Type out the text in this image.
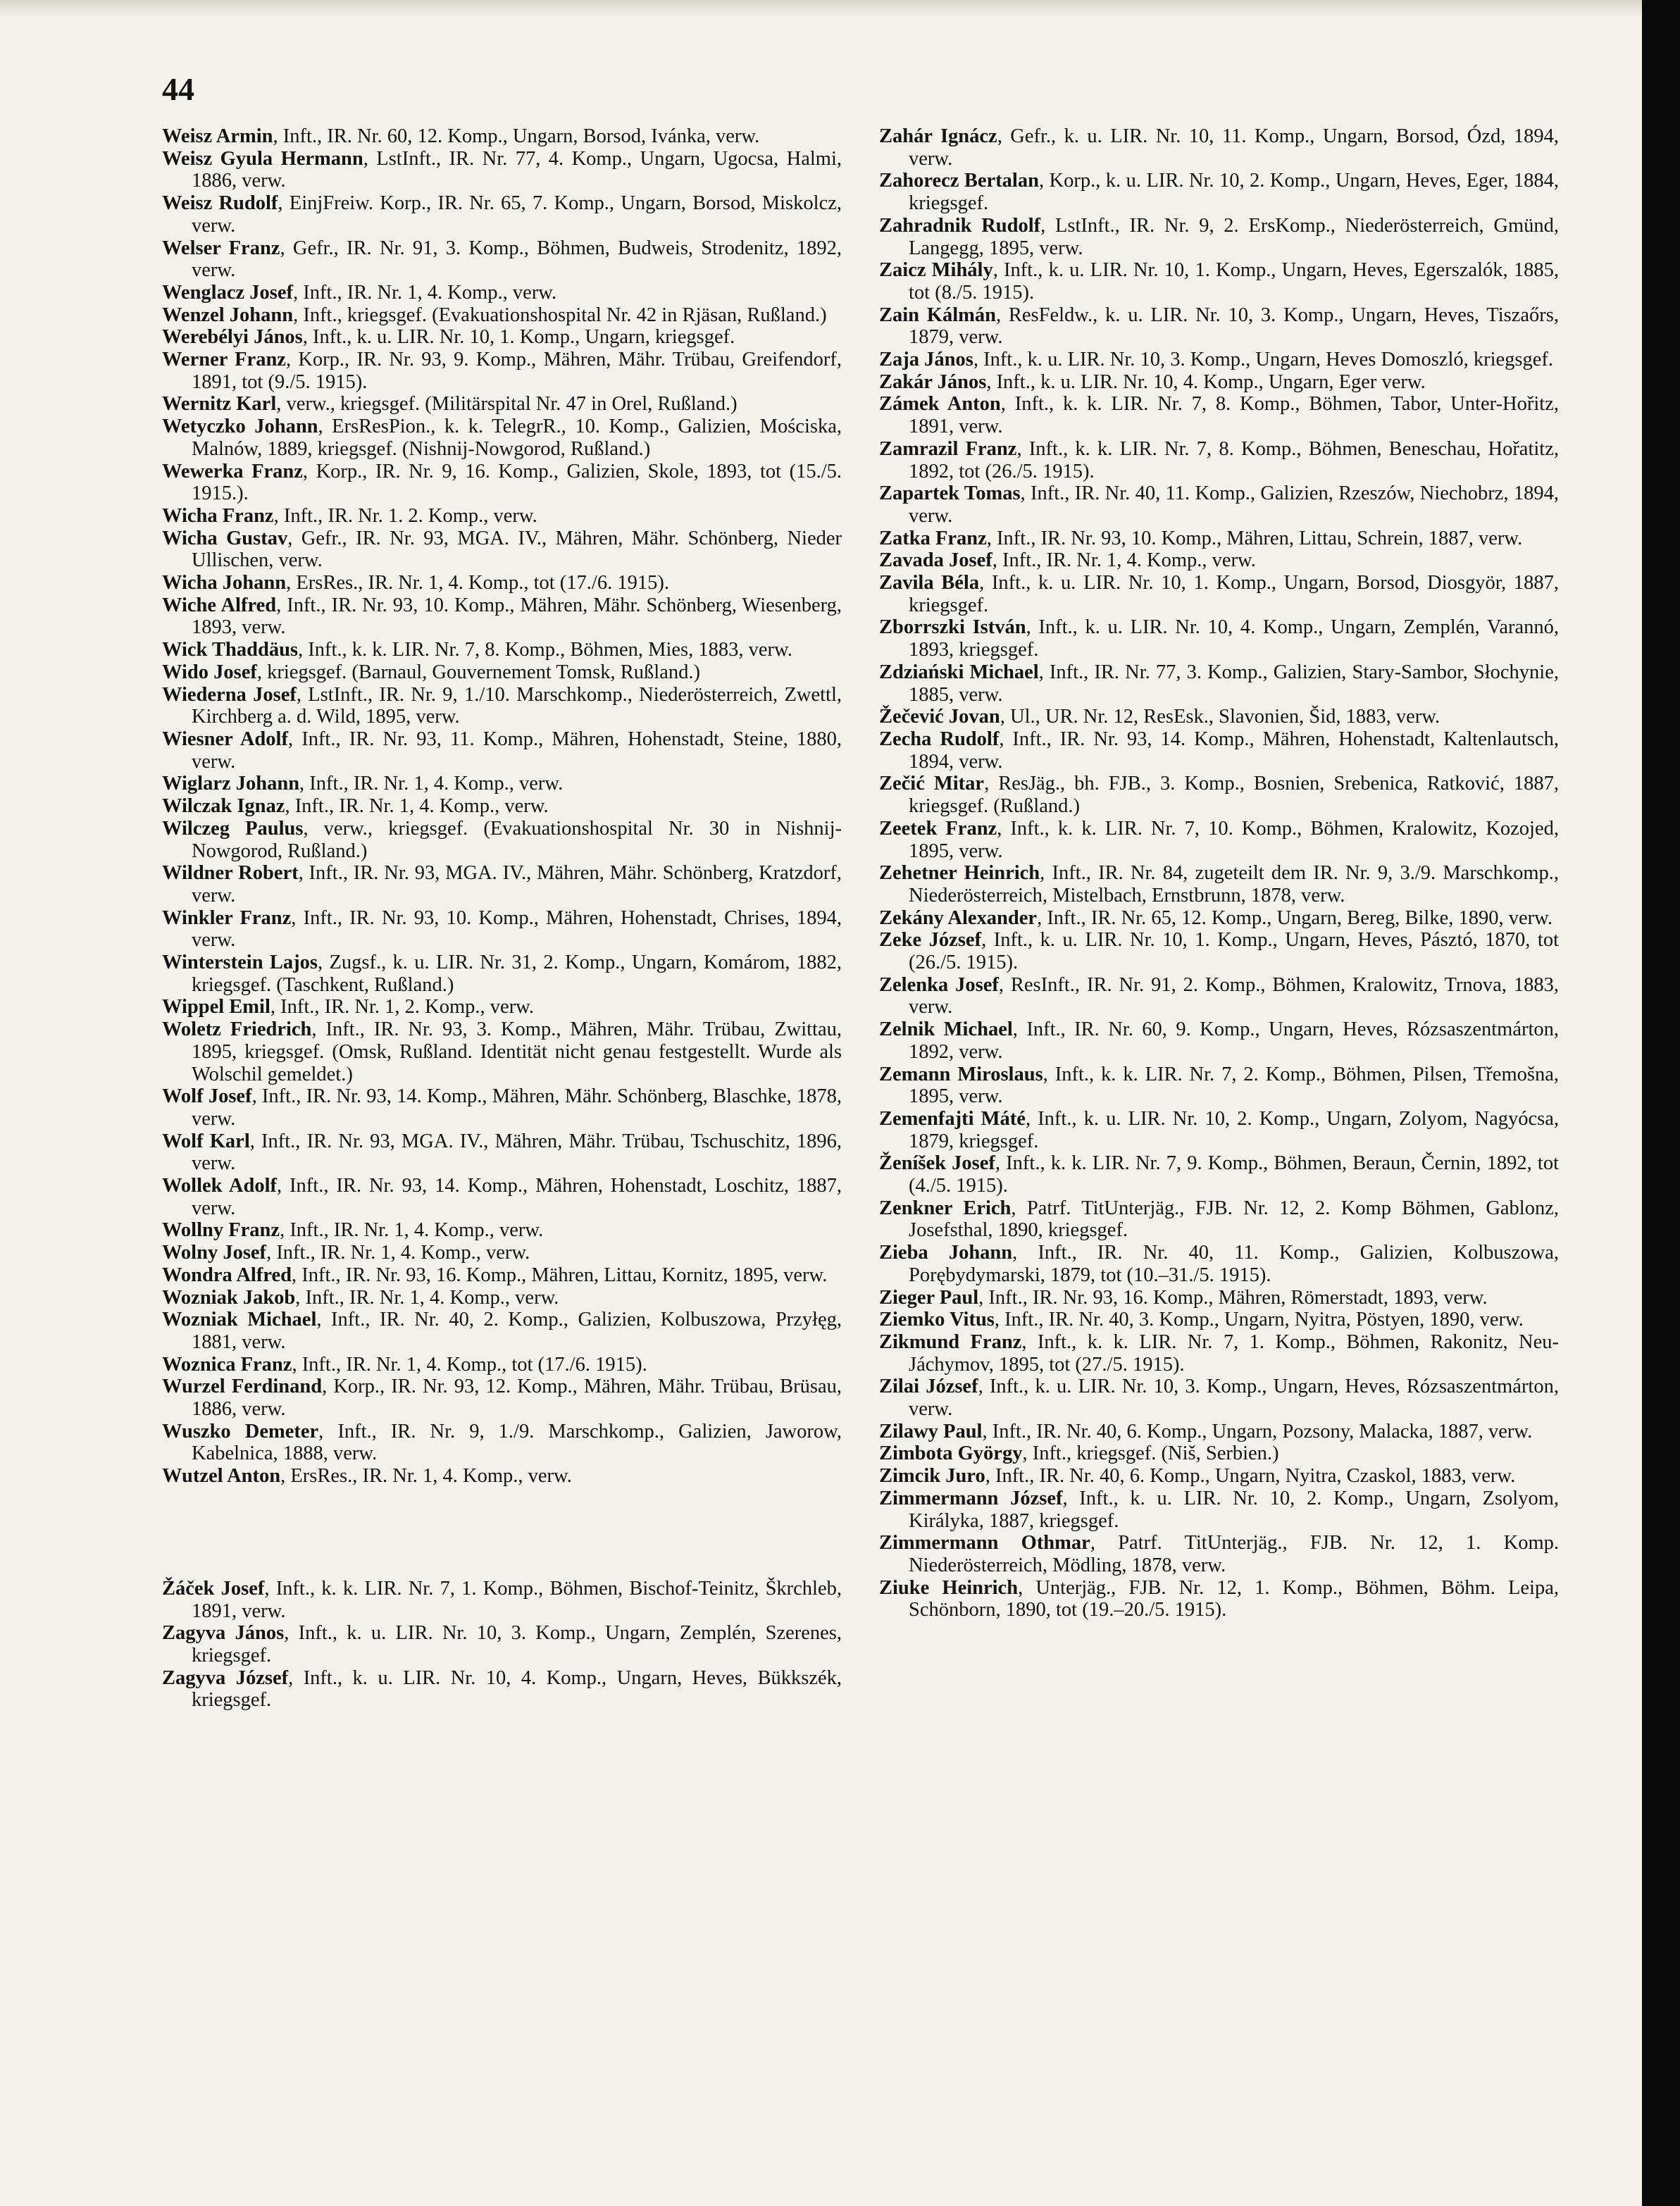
44

Weisz Armin, Inft., IR. Nr. 60, 12. Komp., Ungarn, Borsod, Ivánka, verw.

Weisz Gyula Hermann, LstInft., IR. Nr. 77, 4. Komp., Ungarn, Ugocsa, Halmi, 1886, verw.

Weisz Rudolf, EinjFreiw. Korp., IR. Nr. 65, 7. Komp., Ungarn, Borsod, Miskolcz, verw.

Welser Franz, Gefr., IR. Nr. 91, 3. Komp., Böhmen, Budweis, Strodenitz, 1892, verw.

Wenglacz Josef, Inft., IR. Nr. 1, 4. Komp., verw.

Wenzel Johann, Inft., kriegsgef. (Evakuationshospital Nr. 42 in Rjäsan, Rußland.)

Werebélyi János, Inft., k. u. LIR. Nr. 10, 1. Komp., Ungarn, kriegsgef.

Werner Franz, Korp., IR. Nr. 93, 9. Komp., Mähren, Mähr. Trübau, Greifendorf, 1891, tot (9./5. 1915).

Wernitz Karl, verw., kriegsgef. (Militärspital Nr. 47 in Orel, Rußland.)

Wetyczko Johann, ErsResPion., k. k. TelegrR., 10. Komp., Galizien, Mościska, Malnów, 1889, kriegsgef. (Nishnij-Nowgorod, Rußland.)

Wewerka Franz, Korp., IR. Nr. 9, 16. Komp., Galizien, Skole, 1893, tot (15./5. 1915.).

Wicha Franz, Inft., IR. Nr. 1. 2. Komp., verw.

Wicha Gustav, Gefr., IR. Nr. 93, MGA. IV., Mähren, Mähr. Schönberg, Nieder Ullischen, verw.

Wicha Johann, ErsRes., IR. Nr. 1, 4. Komp., tot (17./6. 1915).

Wiche Alfred, Inft., IR. Nr. 93, 10. Komp., Mähren, Mähr. Schönberg, Wiesenberg, 1893, verw.

Wick Thaddäus, Inft., k. k. LIR. Nr. 7, 8. Komp., Böhmen, Mies, 1883, verw.

Wido Josef, kriegsgef. (Barnaul, Gouvernement Tomsk, Rußland.)

Wiederna Josef, LstInft., IR. Nr. 9, 1./10. Marschkomp., Niederösterreich, Zwettl, Kirchberg a. d. Wild, 1895, verw.

Wiesner Adolf, Inft., IR. Nr. 93, 11. Komp., Mähren, Hohenstadt, Steine, 1880, verw.

Wiglarz Johann, Inft., IR. Nr. 1, 4. Komp., verw.

Wilczak Ignaz, Inft., IR. Nr. 1, 4. Komp., verw.

Wilczeg Paulus, verw., kriegsgef. (Evakuationshospital Nr. 30 in Nishnij-Nowgorod, Rußland.)

Wildner Robert, Inft., IR. Nr. 93, MGA. IV., Mähren, Mähr. Schönberg, Kratzdorf, verw.

Winkler Franz, Inft., IR. Nr. 93, 10. Komp., Mähren, Hohenstadt, Chrises, 1894, verw.

Winterstein Lajos, Zugsf., k. u. LIR. Nr. 31, 2. Komp., Ungarn, Komárom, 1882, kriegsgef. (Taschkent, Rußland.)

Wippel Emil, Inft., IR. Nr. 1, 2. Komp., verw.

Woletz Friedrich, Inft., IR. Nr. 93, 3. Komp., Mähren, Mähr. Trübau, Zwittau, 1895, kriegsgef. (Omsk, Rußland. Identität nicht genau festgestellt. Wurde als Wolschil gemeldet.)

Wolf Josef, Inft., IR. Nr. 93, 14. Komp., Mähren, Mähr. Schönberg, Blaschke, 1878, verw.

Wolf Karl, Inft., IR. Nr. 93, MGA. IV., Mähren, Mähr. Trübau, Tschuschitz, 1896, verw.

Wollek Adolf, Inft., IR. Nr. 93, 14. Komp., Mähren, Hohenstadt, Loschitz, 1887, verw.

Wollny Franz, Inft., IR. Nr. 1, 4. Komp., verw.

Wolny Josef, Inft., IR. Nr. 1, 4. Komp., verw.

Wondra Alfred, Inft., IR. Nr. 93, 16. Komp., Mähren, Littau, Kornitz, 1895, verw.

Wozniak Jakob, Inft., IR. Nr. 1, 4. Komp., verw.

Wozniak Michael, Inft., IR. Nr. 40, 2. Komp., Galizien, Kolbuszowa, Przyłęg, 1881, verw.

Woznica Franz, Inft., IR. Nr. 1, 4. Komp., tot (17./6. 1915).

Wurzel Ferdinand, Korp., IR. Nr. 93, 12. Komp., Mähren, Mähr. Trübau, Brüsau, 1886, verw.

Wuszko Demeter, Inft., IR. Nr. 9, 1./9. Marschkomp., Galizien, Jaworow, Kabelnica, 1888, verw.

Wutzel Anton, ErsRes., IR. Nr. 1, 4. Komp., verw.

Žáček Josef, Inft., k. k. LIR. Nr. 7, 1. Komp., Böhmen, Bischof-Teinitz, Škrchleb, 1891, verw.

Zagyva János, Inft., k. u. LIR. Nr. 10, 3. Komp., Ungarn, Zemplén, Szerenes, kriegsgef.

Zagyva József, Inft., k. u. LIR. Nr. 10, 4. Komp., Ungarn, Heves, Bükkszék, kriegsgef.

Zahár Ignácz, Gefr., k. u. LIR. Nr. 10, 11. Komp., Ungarn, Borsod, Ózd, 1894, verw.

Zahorecz Bertalan, Korp., k. u. LIR. Nr. 10, 2. Komp., Ungarn, Heves, Eger, 1884, kriegsgef.

Zahradnik Rudolf, LstInft., IR. Nr. 9, 2. ErsKomp., Niederösterreich, Gmünd, Langegg, 1895, verw.

Zaicz Mihály, Inft., k. u. LIR. Nr. 10, 1. Komp., Ungarn, Heves, Egerszalók, 1885, tot (8./5. 1915).

Zain Kálmán, ResFeldw., k. u. LIR. Nr. 10, 3. Komp., Ungarn, Heves, Tiszaőrs, 1879, verw.

Zaja János, Inft., k. u. LIR. Nr. 10, 3. Komp., Ungarn, Heves Domoszló, kriegsgef.

Zakár János, Inft., k. u. LIR. Nr. 10, 4. Komp., Ungarn, Eger verw.

Zámek Anton, Inft., k. k. LIR. Nr. 7, 8. Komp., Böhmen, Tabor, Unter-Hořitz, 1891, verw.

Zamrazil Franz, Inft., k. k. LIR. Nr. 7, 8. Komp., Böhmen, Beneschau, Hořatitz, 1892, tot (26./5. 1915).

Zapartek Tomas, Inft., IR. Nr. 40, 11. Komp., Galizien, Rzeszów, Niechobrz, 1894, verw.

Zatka Franz, Inft., IR. Nr. 93, 10. Komp., Mähren, Littau, Schrein, 1887, verw.

Zavada Josef, Inft., IR. Nr. 1, 4. Komp., verw.

Zavila Béla, Inft., k. u. LIR. Nr. 10, 1. Komp., Ungarn, Borsod, Diosgyör, 1887, kriegsgef.

Zborrszki István, Inft., k. u. LIR. Nr. 10, 4. Komp., Ungarn, Zemplén, Varannó, 1893, kriegsgef.

Zdziański Michael, Inft., IR. Nr. 77, 3. Komp., Galizien, Stary-Sambor, Słochynie, 1885, verw.

Žečević Jovan, Ul., UR. Nr. 12, ResEsk., Slavonien, Šid, 1883, verw.

Zecha Rudolf, Inft., IR. Nr. 93, 14. Komp., Mähren, Hohenstadt, Kaltenlautsch, 1894, verw.

Zečić Mitar, ResJäg., bh. FJB., 3. Komp., Bosnien, Srebenica, Ratković, 1887, kriegsgef. (Rußland.)

Zeetek Franz, Inft., k. k. LIR. Nr. 7, 10. Komp., Böhmen, Kralowitz, Kozojed, 1895, verw.

Zehetner Heinrich, Inft., IR. Nr. 84, zugeteilt dem IR. Nr. 9, 3./9. Marschkomp., Niederösterreich, Mistelbach, Ernstbrunn, 1878, verw.

Zekány Alexander, Inft., IR. Nr. 65, 12. Komp., Ungarn, Bereg, Bilke, 1890, verw.

Zeke József, Inft., k. u. LIR. Nr. 10, 1. Komp., Ungarn, Heves, Pásztó, 1870, tot (26./5. 1915).

Zelenka Josef, ResInft., IR. Nr. 91, 2. Komp., Böhmen, Kralowitz, Trnova, 1883, verw.

Zelnik Michael, Inft., IR. Nr. 60, 9. Komp., Ungarn, Heves, Rózsaszentmárton, 1892, verw.

Zemann Miroslaus, Inft., k. k. LIR. Nr. 7, 2. Komp., Böhmen, Pilsen, Třemošna, 1895, verw.

Zemenfajti Máté, Inft., k. u. LIR. Nr. 10, 2. Komp., Ungarn, Zolyom, Nagyócsa, 1879, kriegsgef.

Ženíšek Josef, Inft., k. k. LIR. Nr. 7, 9. Komp., Böhmen, Beraun, Černin, 1892, tot (4./5. 1915).

Zenkner Erich, Patrf. TitUnterjäg., FJB. Nr. 12, 2. Komp Böhmen, Gablonz, Josefsthal, 1890, kriegsgef.

Zieba Johann, Inft., IR. Nr. 40, 11. Komp., Galizien, Kolbuszowa, Porębydymarski, 1879, tot (10.–31./5. 1915).

Zieger Paul, Inft., IR. Nr. 93, 16. Komp., Mähren, Römerstadt, 1893, verw.

Ziemko Vitus, Inft., IR. Nr. 40, 3. Komp., Ungarn, Nyitra, Pöstyen, 1890, verw.

Zikmund Franz, Inft., k. k. LIR. Nr. 7, 1. Komp., Böhmen, Rakonitz, Neu-Jáchymov, 1895, tot (27./5. 1915).

Zilai József, Inft., k. u. LIR. Nr. 10, 3. Komp., Ungarn, Heves, Rózsaszentmárton, verw.

Zilawy Paul, Inft., IR. Nr. 40, 6. Komp., Ungarn, Pozsony, Malacka, 1887, verw.

Zimbota György, Inft., kriegsgef. (Niš, Serbien.)

Zimcik Juro, Inft., IR. Nr. 40, 6. Komp., Ungarn, Nyitra, Czaskol, 1883, verw.

Zimmermann József, Inft., k. u. LIR. Nr. 10, 2. Komp., Ungarn, Zsolyom, Királyka, 1887, kriegsgef.

Zimmermann Othmar, Patrf. TitUnterjäg., FJB. Nr. 12, 1. Komp. Niederösterreich, Mödling, 1878, verw.

Ziuke Heinrich, Unterjäg., FJB. Nr. 12, 1. Komp., Böhmen, Böhm. Leipa, Schönborn, 1890, tot (19.–20./5. 1915).
